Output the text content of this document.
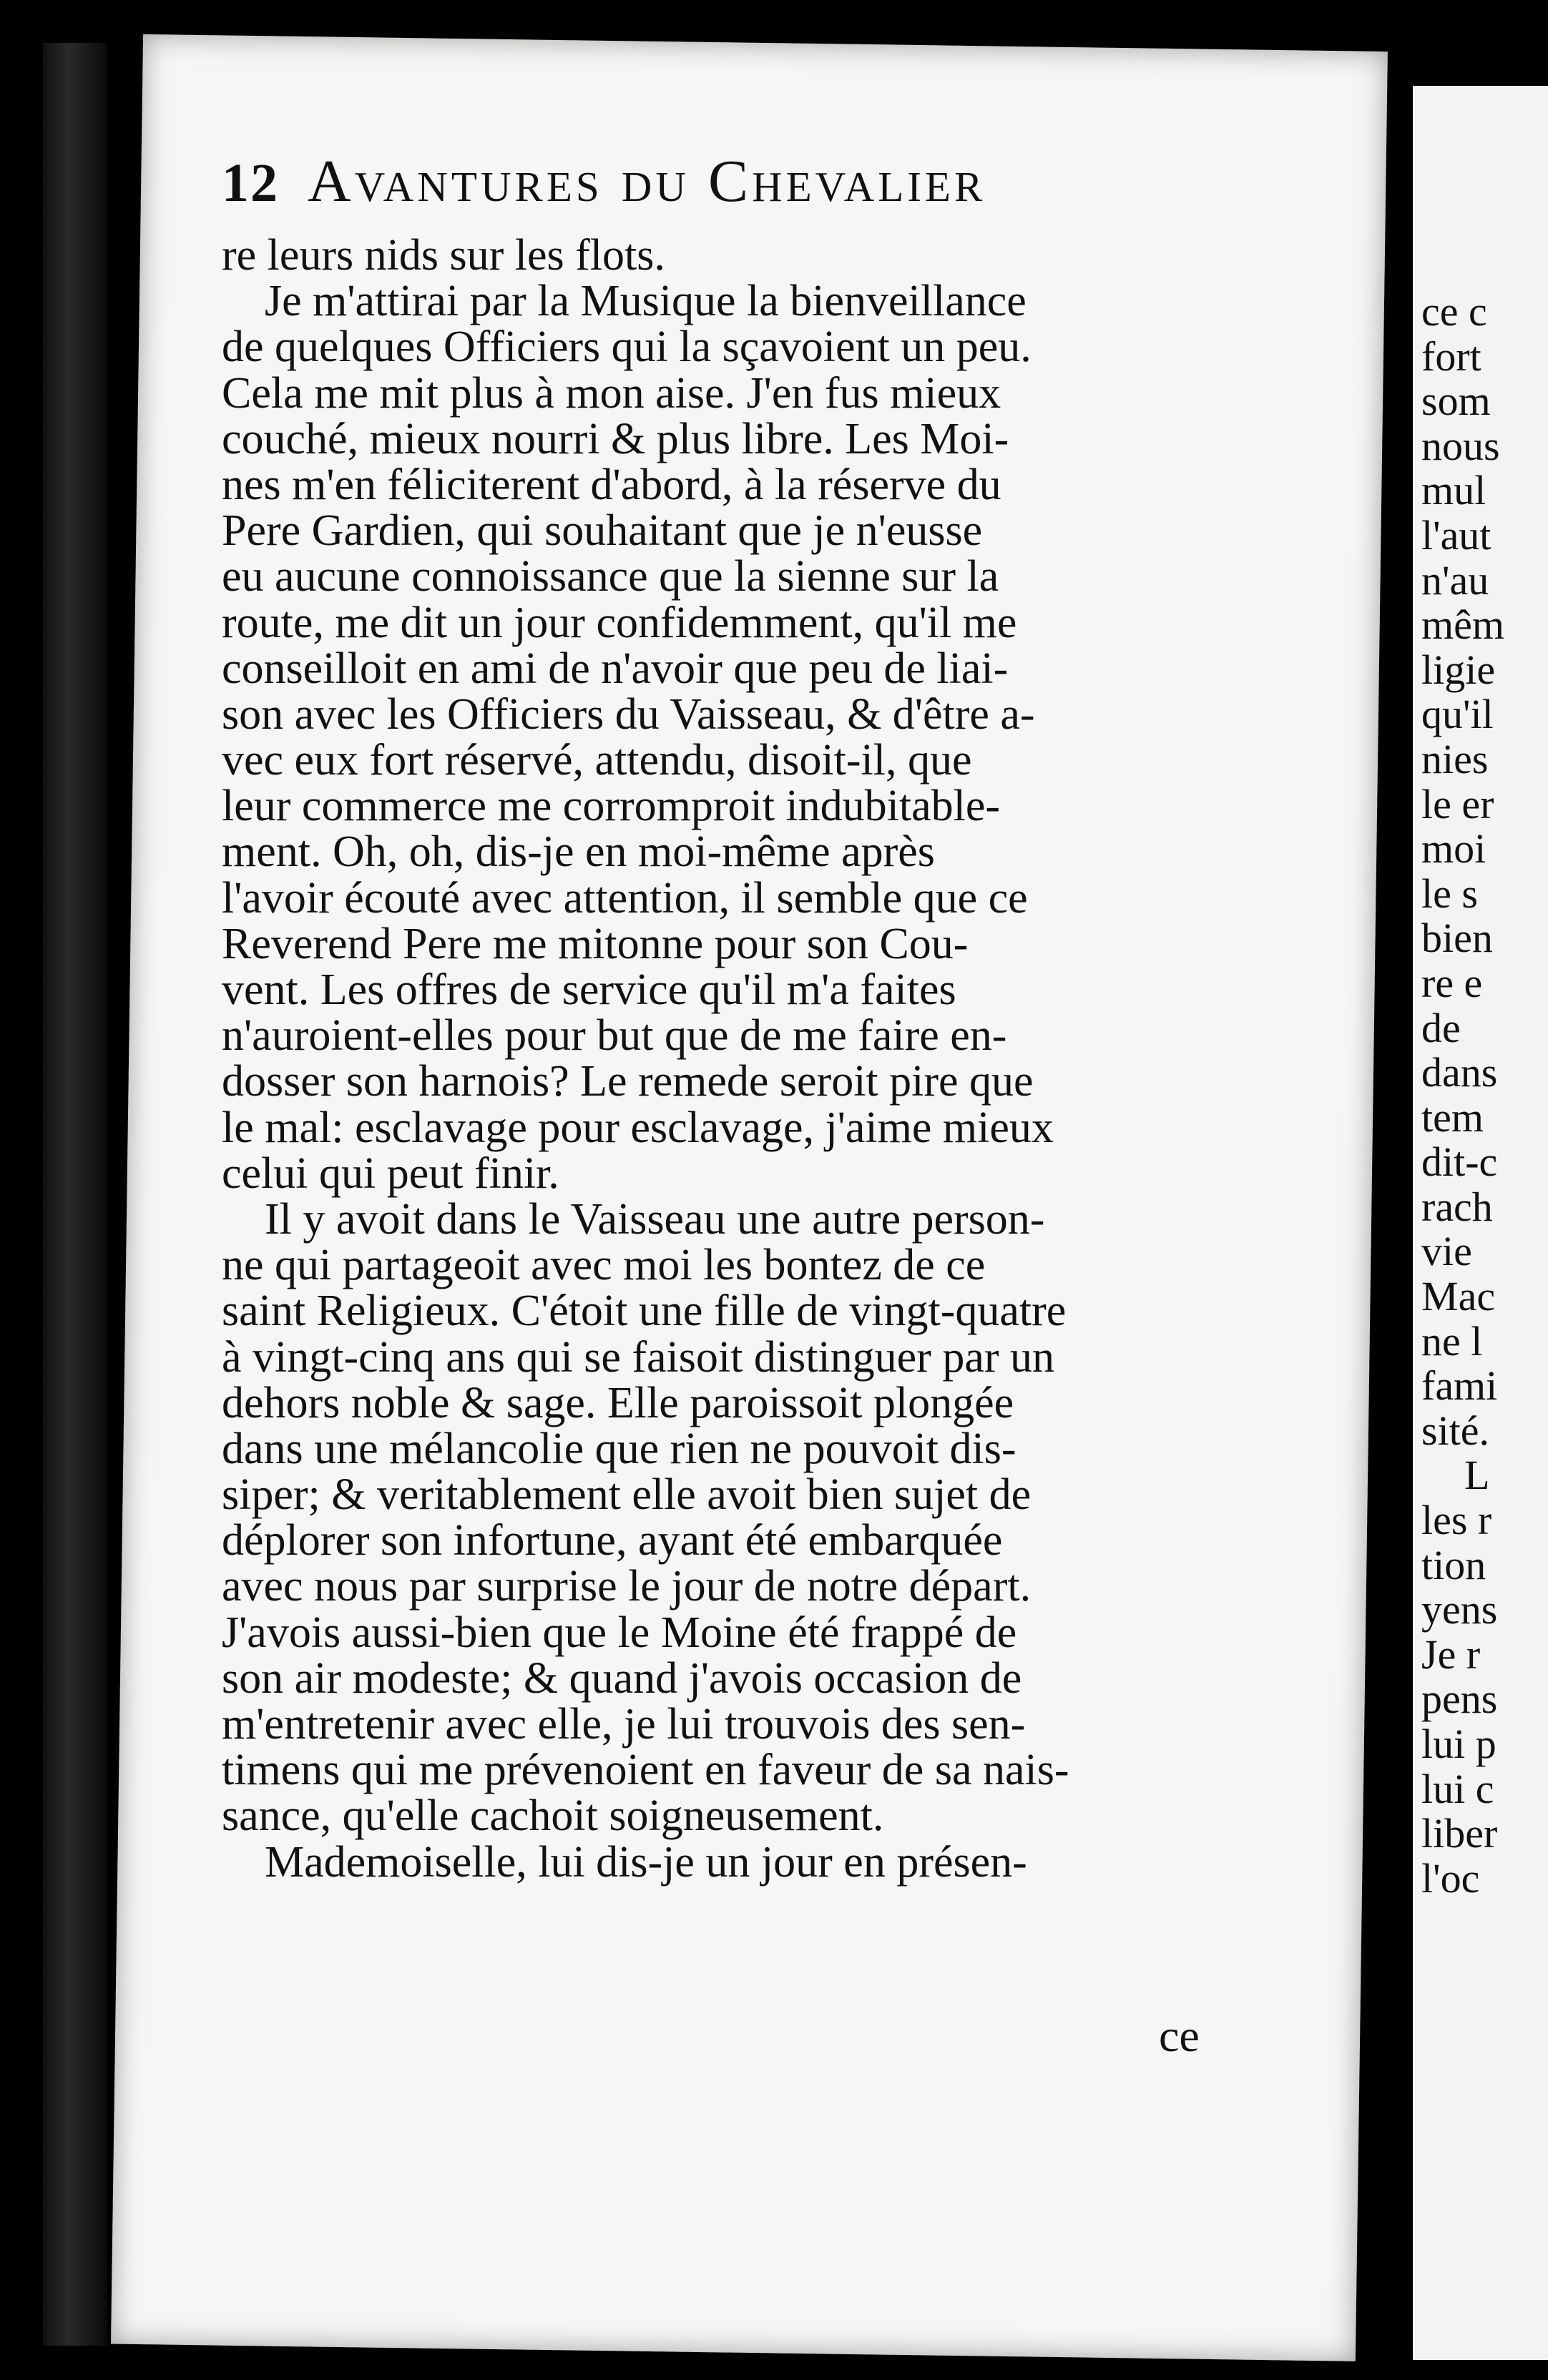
ce c
fort
som
nous
mul
l'aut
n'au
mêm
ligie
qu'il
nies
le er
moi
le s
bien
re e
de
dans
tem
dit-c
rach
vie
Mac
ne l
fami
sité.
L
les r
tion
yens
Je r
pens
lui p
lui c
liber
l'oc
12 Avantures du Chevalier
re leurs nids sur les flots.
Je m'attirai par la Musique la bienveillance
de quelques Officiers qui la sçavoient un peu.
Cela me mit plus à mon aise. J'en fus mieux
couché, mieux nourri & plus libre. Les Moi-
nes m'en féliciterent d'abord, à la réserve du
Pere Gardien, qui souhaitant que je n'eusse
eu aucune connoissance que la sienne sur la
route, me dit un jour confidemment, qu'il me
conseilloit en ami de n'avoir que peu de liai-
son avec les Officiers du Vaisseau, & d'être a-
vec eux fort réservé, attendu, disoit-il, que
leur commerce me corromproit indubitable-
ment. Oh, oh, dis-je en moi-même après
l'avoir écouté avec attention, il semble que ce
Reverend Pere me mitonne pour son Cou-
vent. Les offres de service qu'il m'a faites
n'auroient-elles pour but que de me faire en-
dosser son harnois? Le remede seroit pire que
le mal: esclavage pour esclavage, j'aime mieux
celui qui peut finir.
Il y avoit dans le Vaisseau une autre person-
ne qui partageoit avec moi les bontez de ce
saint Religieux. C'étoit une fille de vingt-quatre
à vingt-cinq ans qui se faisoit distinguer par un
dehors noble & sage. Elle paroissoit plongée
dans une mélancolie que rien ne pouvoit dis-
siper; & veritablement elle avoit bien sujet de
déplorer son infortune, ayant été embarquée
avec nous par surprise le jour de notre départ.
J'avois aussi-bien que le Moine été frappé de
son air modeste; & quand j'avois occasion de
m'entretenir avec elle, je lui trouvois des sen-
timens qui me prévenoient en faveur de sa nais-
sance, qu'elle cachoit soigneusement.
Mademoiselle, lui dis-je un jour en présen-
ce
